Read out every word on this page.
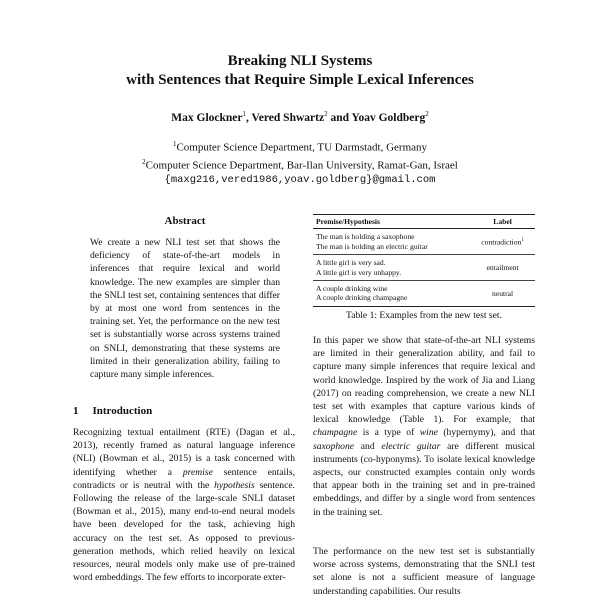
Breaking NLI Systems
with Sentences that Require Simple Lexical Inferences
Max Glockner$^1$, Vered Shwartz$^2$ and Yoav Goldberg$^2$
$^1$Computer Science Department, TU Darmstadt, Germany
$^2$Computer Science Department, Bar-Ilan University, Ramat-Gan, Israel
{maxg216,vered1986,yoav.goldberg}@gmail.com
Abstract
We create a new NLI test set that shows the deficiency of state-of-the-art models in inferences that require lexical and world knowledge. The new examples are simpler than the SNLI test set, containing sentences that differ by at most one word from sentences in the training set. Yet, the performance on the new test set is substantially worse across systems trained on SNLI, demonstrating that these systems are limited in their generalization ability, failing to capture many simple inferences.
1 Introduction
Recognizing textual entailment (RTE) (Dagan et al., 2013), recently framed as natural language inference (NLI) (Bowman et al., 2015) is a task concerned with identifying whether a premise sentence entails, contradicts or is neutral with the hypothesis sentence. Following the release of the large-scale SNLI dataset (Bowman et al., 2015), many end-to-end neural models have been developed for the task, achieving high accuracy on the test set. As opposed to previous-generation methods, which relied heavily on lexical resources, neural models only make use of pre-trained word embeddings. The few efforts to incorporate exter-
Premise/Hypothesis	Label

The man is holding a saxophone
The man is holding an electric guitar	contradiction$^1$

A little girl is very sad.
A little girl is very unhappy.	entailment

A couple drinking wine
A couple drinking champagne	neutral
Table 1: Examples from the new test set.
In this paper we show that state-of-the-art NLI systems are limited in their generalization ability, and fail to capture many simple inferences that require lexical and world knowledge. Inspired by the work of Jia and Liang (2017) on reading comprehension, we create a new NLI test set with examples that capture various kinds of lexical knowledge (Table 1). For example, that champagne is a type of wine (hypernymy), and that saxophone and electric guitar are different musical instruments (co-hyponyms). To isolate lexical knowledge aspects, our constructed examples contain only words that appear both in the training set and in pre-trained embeddings, and differ by a single word from sentences in the training set.
The performance on the new test set is substantially worse across systems, demonstrating that the SNLI test set alone is not a sufficient measure of language understanding capabilities. Our results
